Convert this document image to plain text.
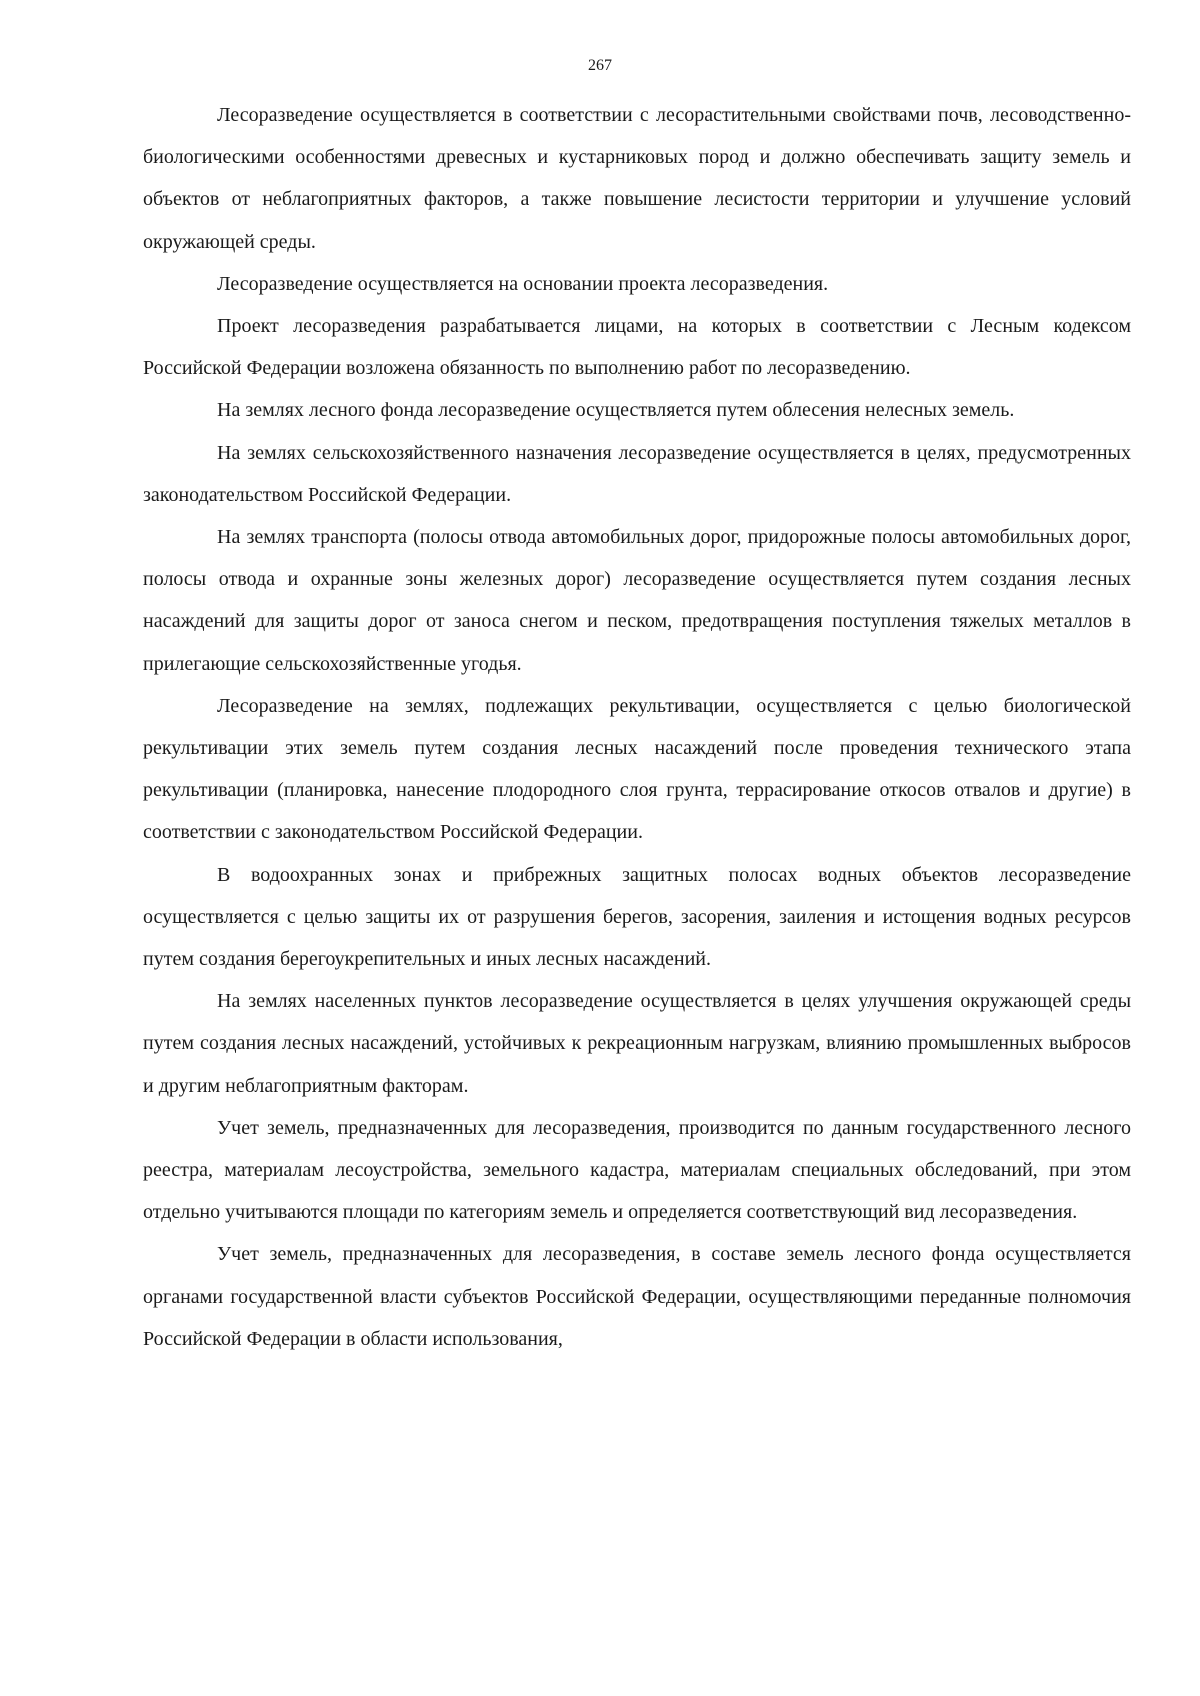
267

Лесоразведение осуществляется в соответствии с лесорастительными свойствами почв, лесоводственно-биологическими особенностями древесных и кустарниковых пород и должно обеспечивать защиту земель и объектов от неблагоприятных факторов, а также повышение лесистости территории и улучшение условий окружающей среды.

Лесоразведение осуществляется на основании проекта лесоразведения.

Проект лесоразведения разрабатывается лицами, на которых в соответствии с Лесным кодексом Российской Федерации возложена обязанность по выполнению работ по лесоразведению.

На землях лесного фонда лесоразведение осуществляется путем облесения нелесных земель.

На землях сельскохозяйственного назначения лесоразведение осуществляется в целях, предусмотренных законодательством Российской Федерации.

На землях транспорта (полосы отвода автомобильных дорог, придорожные полосы автомобильных дорог, полосы отвода и охранные зоны железных дорог) лесоразведение осуществляется путем создания лесных насаждений для защиты дорог от заноса снегом и песком, предотвращения поступления тяжелых металлов в прилегающие сельскохозяйственные угодья.

Лесоразведение на землях, подлежащих рекультивации, осуществляется с целью биологической рекультивации этих земель путем создания лесных насаждений после проведения технического этапа рекультивации (планировка, нанесение плодородного слоя грунта, террасирование откосов отвалов и другие) в соответствии с законодательством Российской Федерации.

В водоохранных зонах и прибрежных защитных полосах водных объектов лесоразведение осуществляется с целью защиты их от разрушения берегов, засорения, заиления и истощения водных ресурсов путем создания берегоукрепительных и иных лесных насаждений.

На землях населенных пунктов лесоразведение осуществляется в целях улучшения окружающей среды путем создания лесных насаждений, устойчивых к рекреационным нагрузкам, влиянию промышленных выбросов и другим неблагоприятным факторам.

Учет земель, предназначенных для лесоразведения, производится по данным государственного лесного реестра, материалам лесоустройства, земельного кадастра, материалам специальных обследований, при этом отдельно учитываются площади по категориям земель и определяется соответствующий вид лесоразведения.

Учет земель, предназначенных для лесоразведения, в составе земель лесного фонда осуществляется органами государственной власти субъектов Российской Федерации, осуществляющими переданные полномочия Российской Федерации в области использования,
